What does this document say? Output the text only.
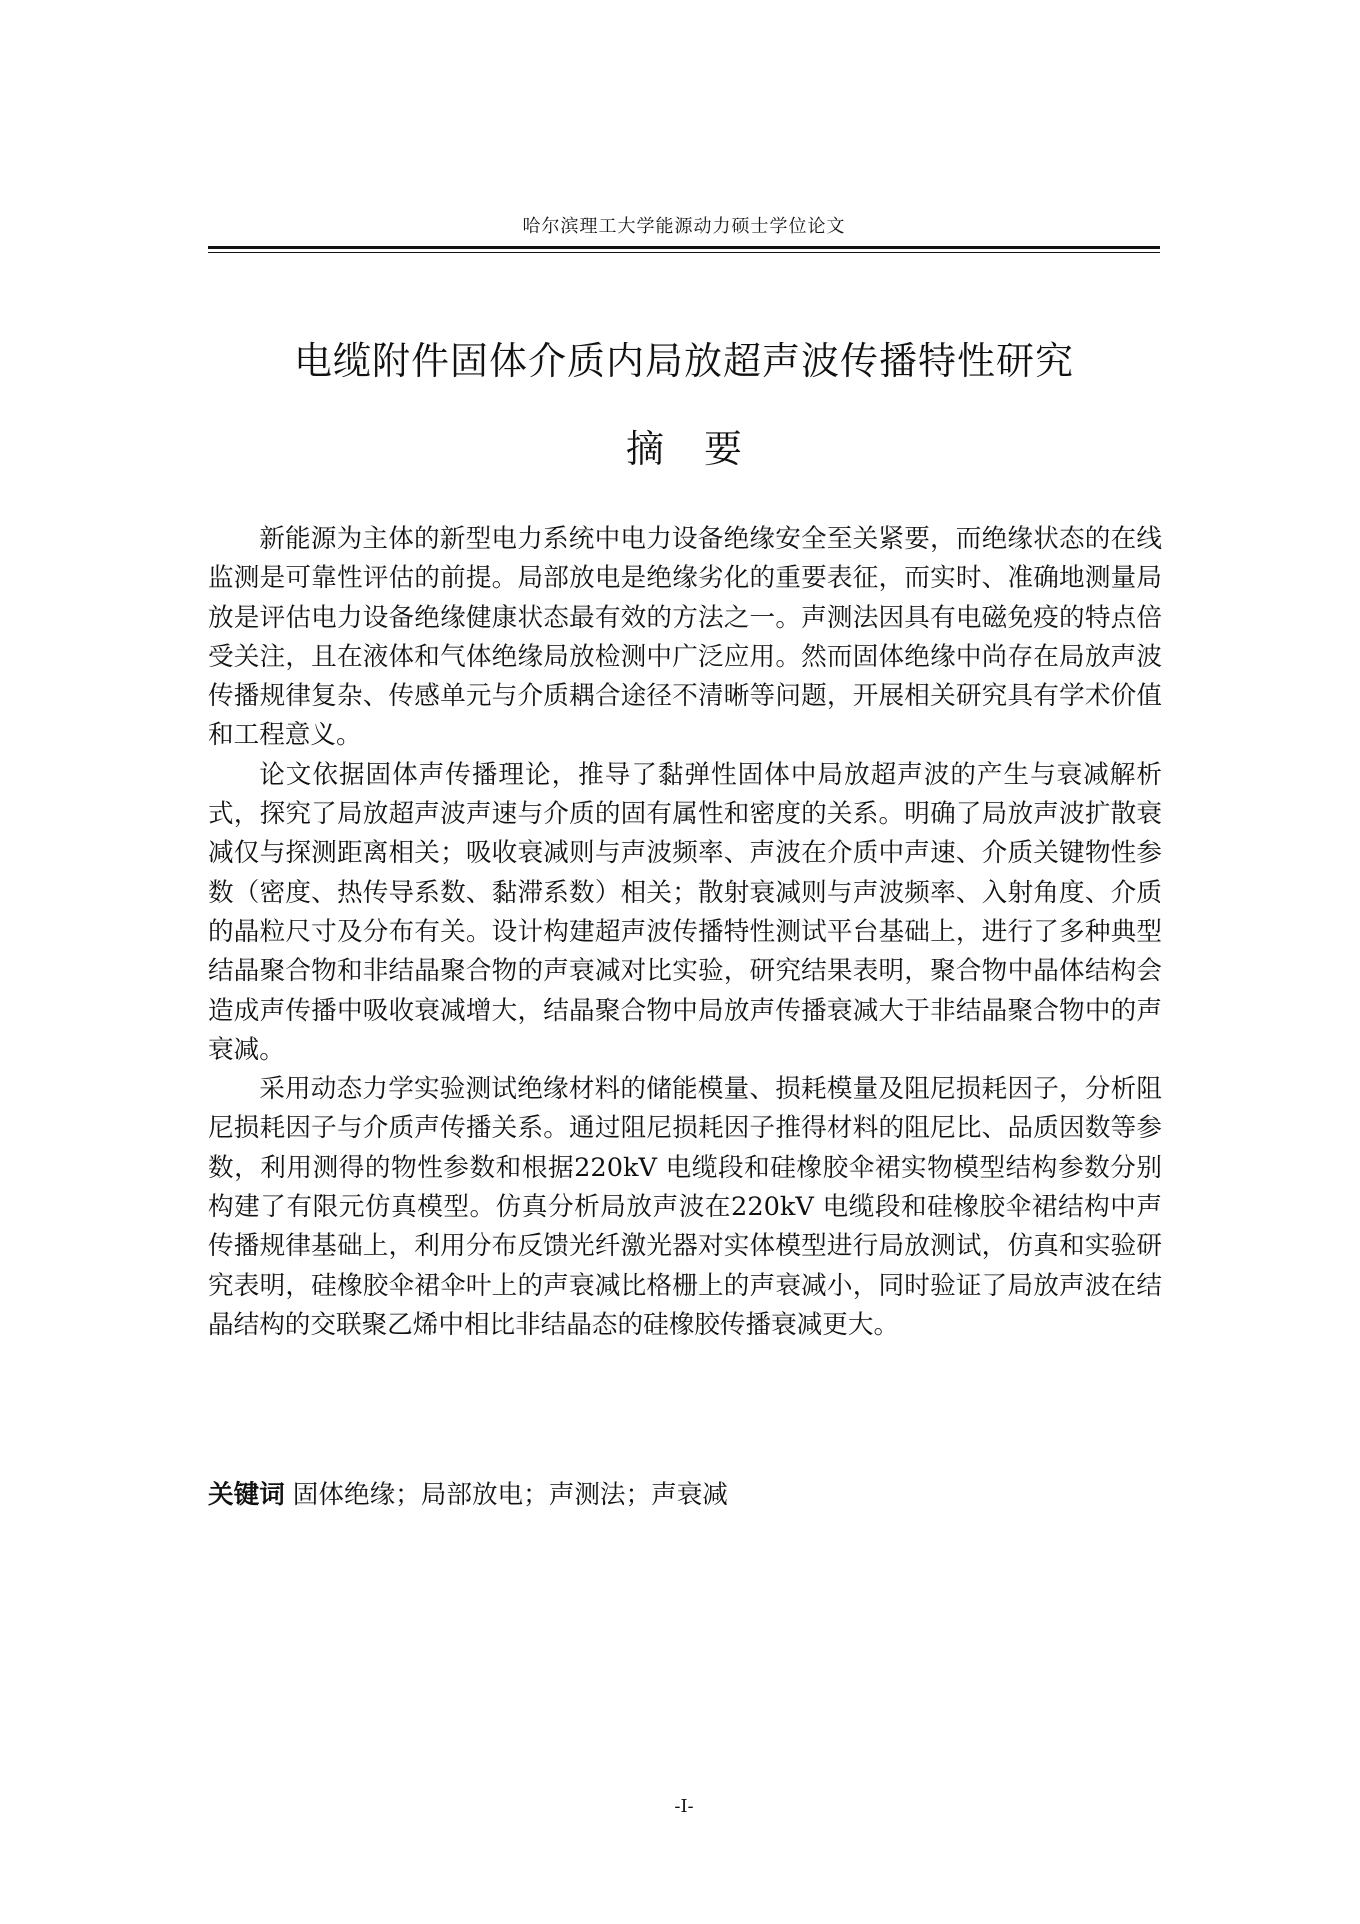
哈尔滨理工大学能源动力硕士学位论文
电缆附件固体介质内局放超声波传播特性研究
摘要

新能源为主体的新型电力系统中电力设备绝缘安全至关紧要，而绝缘状态的在线监测是可靠性评估的前提。局部放电是绝缘劣化的重要表征，而实时、准确地测量局放是评估电力设备绝缘健康状态最有效的方法之一。声测法因具有电磁免疫的特点倍受关注，且在液体和气体绝缘局放检测中广泛应用。然而固体绝缘中尚存在局放声波传播规律复杂、传感单元与介质耦合途径不清晰等问题，开展相关研究具有学术价值和工程意义。

论文依据固体声传播理论，推导了黏弹性固体中局放超声波的产生与衰减解析式，探究了局放超声波声速与介质的固有属性和密度的关系。明确了局放声波扩散衰减仅与探测距离相关；吸收衰减则与声波频率、声波在介质中声速、介质关键物性参数（密度、热传导系数、黏滞系数）相关；散射衰减则与声波频率、入射角度、介质的晶粒尺寸及分布有关。设计构建超声波传播特性测试平台基础上，进行了多种典型结晶聚合物和非结晶聚合物的声衰减对比实验，研究结果表明，聚合物中晶体结构会造成声传播中吸收衰减增大，结晶聚合物中局放声传播衰减大于非结晶聚合物中的声衰减。

采用动态力学实验测试绝缘材料的储能模量、损耗模量及阻尼损耗因子，分析阻尼损耗因子与介质声传播关系。通过阻尼损耗因子推得材料的阻尼比、品质因数等参数，利用测得的物性参数和根据220kV 电缆段和硅橡胶伞裙实物模型结构参数分别构建了有限元仿真模型。仿真分析局放声波在220kV 电缆段和硅橡胶伞裙结构中声传播规律基础上，利用分布反馈光纤激光器对实体模型进行局放测试，仿真和实验研究表明，硅橡胶伞裙伞叶上的声衰减比格栅上的声衰减小，同时验证了局放声波在结晶结构的交联聚乙烯中相比非结晶态的硅橡胶传播衰减更大。

关键词 固体绝缘；局部放电；声测法；声衰减
-I-
